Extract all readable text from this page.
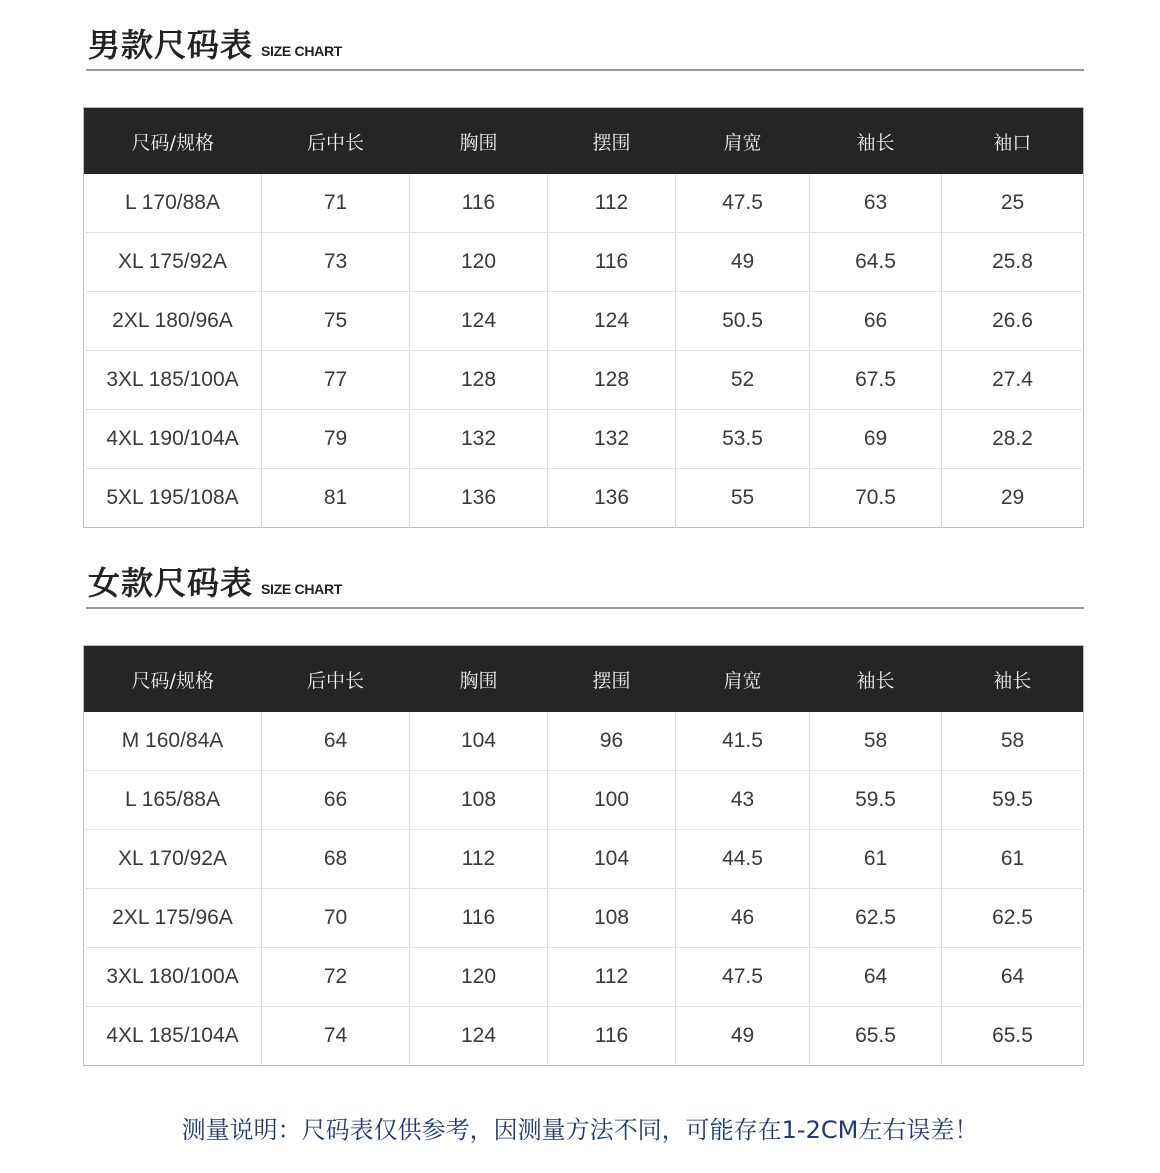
男款尺码表 SIZE CHART
尺码/规格	后中长	胸围	摆围	肩宽	袖长	袖口
L 170/88A	71	116	112	47.5	63	25
XL 175/92A	73	120	116	49	64.5	25.8
2XL 180/96A	75	124	124	50.5	66	26.6
3XL 185/100A	77	128	128	52	67.5	27.4
4XL 190/104A	79	132	132	53.5	69	28.2
5XL 195/108A	81	136	136	55	70.5	29
女款尺码表 SIZE CHART
尺码/规格	后中长	胸围	摆围	肩宽	袖长	袖长
M 160/84A	64	104	96	41.5	58	58
L 165/88A	66	108	100	43	59.5	59.5
XL 170/92A	68	112	104	44.5	61	61
2XL 175/96A	70	116	108	46	62.5	62.5
3XL 180/100A	72	120	112	47.5	64	64
4XL 185/104A	74	124	116	49	65.5	65.5
测量说明：尺码表仅供参考，因测量方法不同，可能存在1-2CM左右误差！
